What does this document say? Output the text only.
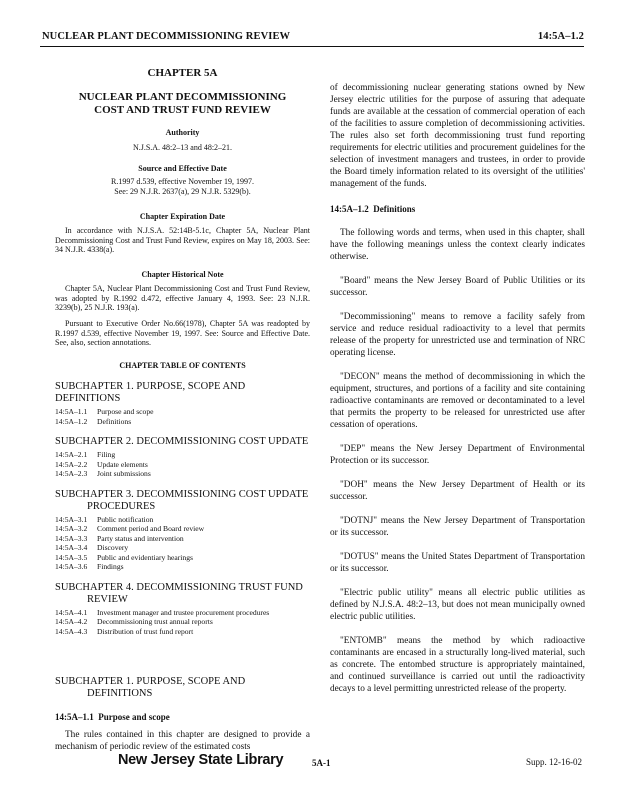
NUCLEAR PLANT DECOMMISSIONING REVIEW	14:5A–1.2
CHAPTER 5A
NUCLEAR PLANT DECOMMISSIONING
COST AND TRUST FUND REVIEW
Authority
N.J.S.A. 48:2–13 and 48:2–21.
Source and Effective Date
R.1997 d.539, effective November 19, 1997.
See: 29 N.J.R. 2637(a), 29 N.J.R. 5329(b).
Chapter Expiration Date
In accordance with N.J.S.A. 52:14B-5.1c, Chapter 5A, Nuclear Plant Decommissioning Cost and Trust Fund Review, expires on May 18, 2003. See: 34 N.J.R. 4338(a).
Chapter Historical Note
Chapter 5A, Nuclear Plant Decommissioning Cost and Trust Fund Review, was adopted by R.1992 d.472, effective January 4, 1993. See: 23 N.J.R. 3239(b), 25 N.J.R. 193(a).
Pursuant to Executive Order No.66(1978), Chapter 5A was readopted by R.1997 d.539, effective November 19, 1997. See: Source and Effective Date. See, also, section annotations.
CHAPTER TABLE OF CONTENTS
SUBCHAPTER 1. PURPOSE, SCOPE AND DEFINITIONS
14:5A–1.1	Purpose and scope
14:5A–1.2	Definitions
SUBCHAPTER 2. DECOMMISSIONING COST UPDATE
14:5A–2.1	Filing
14:5A–2.2	Update elements
14:5A–2.3	Joint submissions
SUBCHAPTER 3. DECOMMISSIONING COST UPDATE
PROCEDURES
14:5A–3.1	Public notification
14:5A–3.2	Comment period and Board review
14:5A–3.3	Party status and intervention
14:5A–3.4	Discovery
14:5A–3.5	Public and evidentiary hearings
14:5A–3.6	Findings
SUBCHAPTER 4. DECOMMISSIONING TRUST FUND
REVIEW
14:5A–4.1	Investment manager and trustee procurement procedures
14:5A–4.2	Decommissioning trust annual reports
14:5A–4.3	Distribution of trust fund report
SUBCHAPTER 1. PURPOSE, SCOPE AND
DEFINITIONS
14:5A–1.1 Purpose and scope
The rules contained in this chapter are designed to provide a mechanism of periodic review of the estimated costs
of decommissioning nuclear generating stations owned by New Jersey electric utilities for the purpose of assuring that adequate funds are available at the cessation of commercial operation of each of the facilities to assure completion of decommissioning activities. The rules also set forth decommissioning trust fund reporting requirements for electric utilities and procurement guidelines for the selection of investment managers and trustees, in order to provide the Board timely information related to its oversight of the utilities' management of the funds.
14:5A–1.2 Definitions
The following words and terms, when used in this chapter, shall have the following meanings unless the context clearly indicates otherwise.
"Board" means the New Jersey Board of Public Utilities or its successor.
"Decommissioning" means to remove a facility safely from service and reduce residual radioactivity to a level that permits release of the property for unrestricted use and termination of NRC operating license.
"DECON" means the method of decommissioning in which the equipment, structures, and portions of a facility and site containing radioactive contaminants are removed or decontaminated to a level that permits the property to be released for unrestricted use after cessation of operations.
"DEP" means the New Jersey Department of Environmental Protection or its successor.
"DOH" means the New Jersey Department of Health or its successor.
"DOTNJ" means the New Jersey Department of Transportation or its successor.
"DOTUS" means the United States Department of Transportation or its successor.
"Electric public utility" means all electric public utilities as defined by N.J.S.A. 48:2–13, but does not mean municipally owned electric public utilities.
"ENTOMB" means the method by which radioactive contaminants are encased in a structurally long-lived material, such as concrete. The entombed structure is appropriately maintained, and continued surveillance is carried out until the radioactivity decays to a level permitting unrestricted release of the property.
New Jersey State Library	5A-1	Supp. 12-16-02
